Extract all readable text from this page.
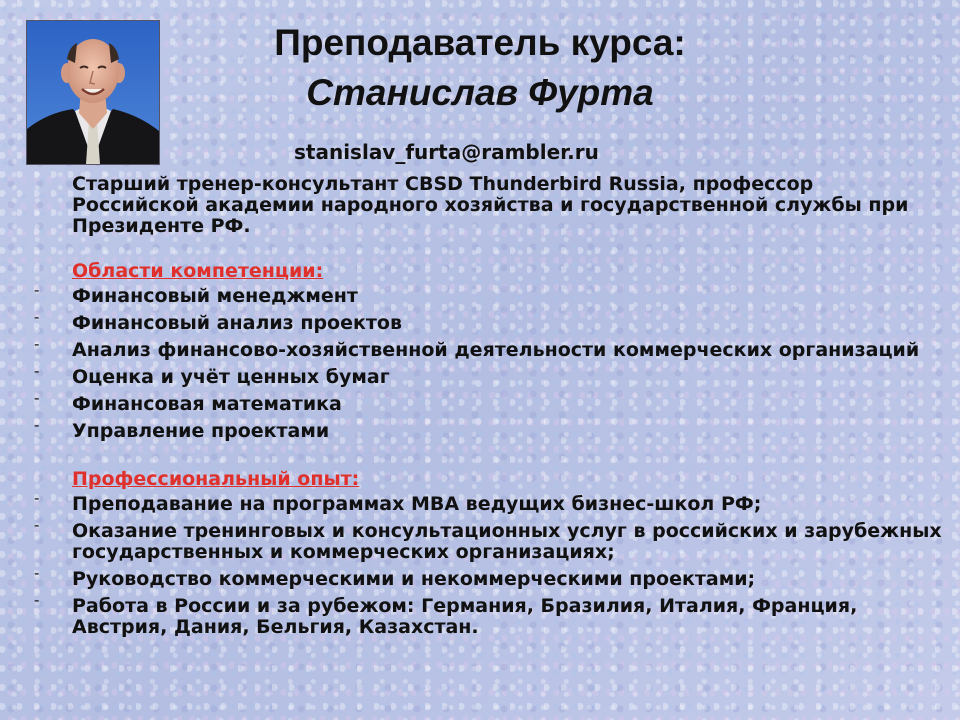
Преподаватель курса:
Станислав Фурта
stanislav_furta@rambler.ru

Старший тренер-консультант CBSD Thunderbird Russia, профессор Российской академии народного хозяйства и государственной службы при Президенте РФ.

Области компетенции:

- Финансовый менеджмент
- Финансовый анализ проектов
- Анализ финансово-хозяйственной деятельности коммерческих организаций
- Оценка и учёт ценных бумаг
- Финансовая математика
- Управление проектами

Профессиональный опыт:

- Преподавание на программах MBA ведущих бизнес-школ РФ;
- Оказание тренинговых и консультационных услуг в российских и зарубежных государственных и коммерческих организациях;
- Руководство коммерческими и некоммерческими проектами;
- Работа в России и за рубежом: Германия, Бразилия, Италия, Франция, Австрия, Дания, Бельгия, Казахстан.
